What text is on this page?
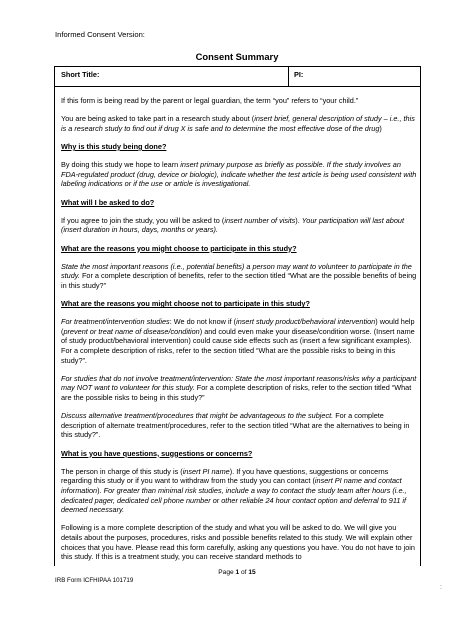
Informed Consent Version:
Consent Summary
Short Title:	PI:

If this form is being read by the parent or legal guardian, the term “you” refers to “your child.”

You are being asked to take part in a research study about (insert brief, general description of study – i.e., this is a research study to find out if drug X is safe and to determine the most effective dose of the drug)

Why is this study being done?

By doing this study we hope to learn insert primary purpose as briefly as possible. If the study involves an FDA-regulated product (drug, device or biologic), indicate whether the test article is being used consistent with labeling indications or if the use or article is investigational.

What will I be asked to do?

If you agree to join the study, you will be asked to (insert number of visits). Your participation will last about (insert duration in hours, days, months or years).

What are the reasons you might choose to participate in this study?

State the most important reasons (i.e., potential benefits) a person may want to volunteer to participate in the study. For a complete description of benefits, refer to the section titled “What are the possible benefits of being in this study?”

What are the reasons you might choose not to participate in this study?

For treatment/intervention studies: We do not know if (insert study product/behavioral intervention) would help (prevent or treat name of disease/condition) and could even make your disease/condition worse. (Insert name of study product/behavioral intervention) could cause side effects such as (insert a few significant examples). For a complete description of risks, refer to the section titled “What are the possible risks to being in this study?”.

For studies that do not involve treatment/intervention: State the most important reasons/risks why a participant may NOT want to volunteer for this study. For a complete description of risks, refer to the section titled “What are the possible risks to being in this study?”

Discuss alternative treatment/procedures that might be advantageous to the subject. For a complete description of alternate treatment/procedures, refer to the section titled “What are the alternatives to being in this study?”.

What is you have questions, suggestions or concerns?

The person in charge of this study is (insert PI name). If you have questions, suggestions or concerns regarding this study or if you want to withdraw from the study you can contact (insert PI name and contact information). For greater than minimal risk studies, include a way to contact the study team after hours (i.e., dedicated pager, dedicated cell phone number or other reliable 24 hour contact option and deferral to 911 if deemed necessary.

Following is a more complete description of the study and what you will be asked to do. We will give you details about the purposes, procedures, risks and possible benefits related to this study. We will explain other choices that you have. Please read this form carefully, asking any questions you have. You do not have to join this study. If this is a treatment study, you can receive standard methods to

Page 1 of 15
IRB Form ICFHIPAA 101719
:
